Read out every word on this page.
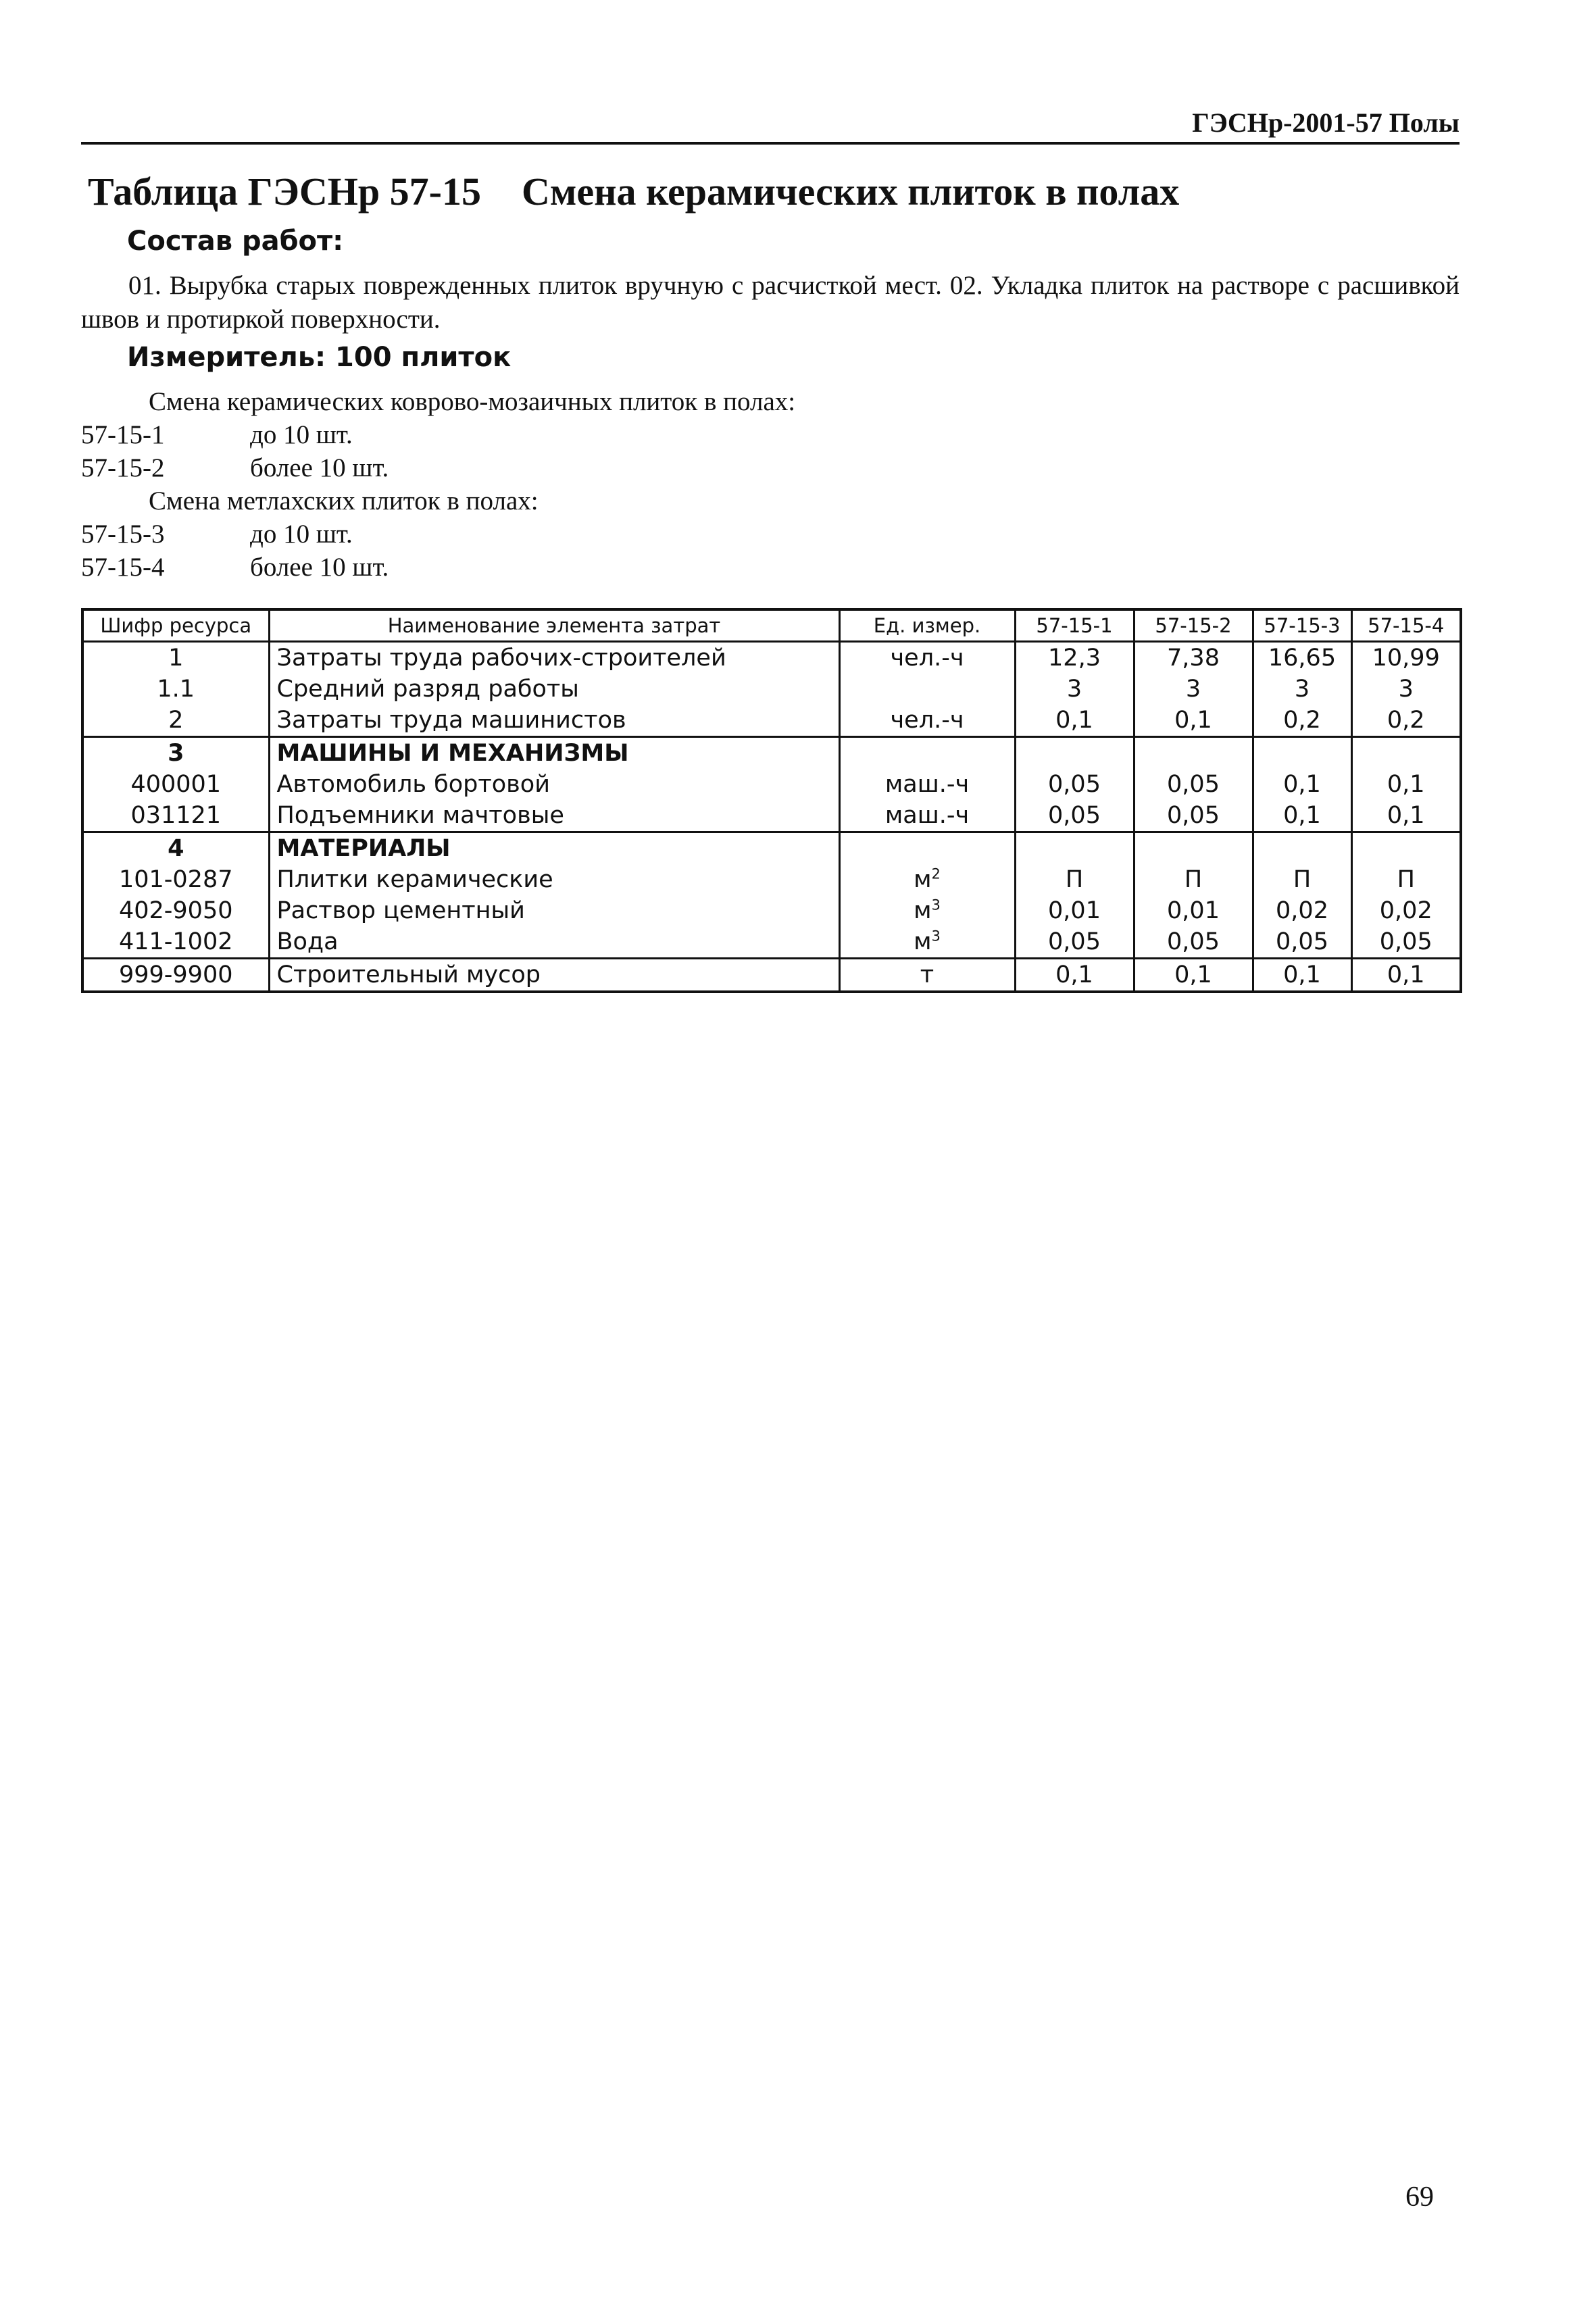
ГЭСНр-2001-57 Полы
Таблица ГЭСНр 57-15 Смена керамических плиток в полах
Состав работ:
01. Вырубка старых поврежденных плиток вручную с расчисткой мест. 02. Укладка плиток на растворе с расшивкой швов и протиркой поверхности.
Измеритель: 100 плиток
Смена керамических коврово-мозаичных плиток в полах:
57-15-1	до 10 шт.
57-15-2	более 10 шт.
Смена метлахских плиток в полах:
57-15-3	до 10 шт.
57-15-4	более 10 шт.
Шифр ресурса	Наименование элемента затрат	Ед. измер.	57-15-1	57-15-2	57-15-3	57-15-4
1	Затраты труда рабочих-строителей	чел.-ч	12,3	7,38	16,65	10,99
1.1	Средний разряд работы		3	3	3	3
2	Затраты труда машинистов	чел.-ч	0,1	0,1	0,2	0,2
3	МАШИНЫ И МЕХАНИЗМЫ					
400001	Автомобиль бортовой	маш.-ч	0,05	0,05	0,1	0,1
031121	Подъемники мачтовые	маш.-ч	0,05	0,05	0,1	0,1
4	МАТЕРИАЛЫ					
101-0287	Плитки керамические	$м^2$	П	П	П	П
402-9050	Раствор цементный	$м^3$	0,01	0,01	0,02	0,02
411-1002	Вода	$м^3$	0,05	0,05	0,05	0,05
999-9900	Строительный мусор	т	0,1	0,1	0,1	0,1
69
